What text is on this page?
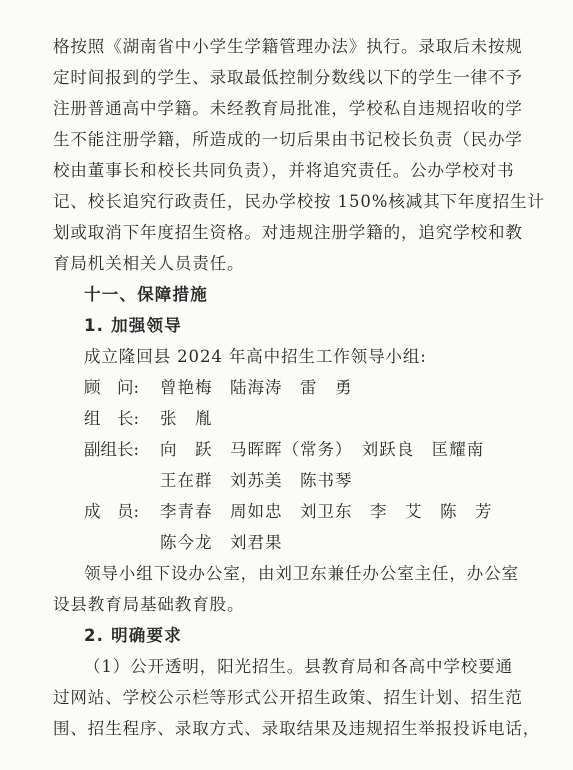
格按照《湖南省中小学生学籍管理办法》执行。录取后未按规
定时间报到的学生、录取最低控制分数线以下的学生一律不予
注册普通高中学籍。未经教育局批准，学校私自违规招收的学
生不能注册学籍，所造成的一切后果由书记校长负责（民办学
校由董事长和校长共同负责），并将追究责任。公办学校对书
记、校长追究行政责任，民办学校按 150%核减其下年度招生计
划或取消下年度招生资格。对违规注册学籍的，追究学校和教
育局机关相关人员责任。
十一、保障措施
1. 加强领导
成立隆回县 2024 年高中招生工作领导小组:
顾　问:	曾艳梅　陆海涛　雷　勇
组　长:	张　胤
副组长:	向　跃　马晖晖（常务）　刘跃良　匡耀南
王在群　刘苏美　陈书琴
成　员:	李青春　周如忠　刘卫东　李　艾　陈　芳
陈今龙　刘君果
领导小组下设办公室，由刘卫东兼任办公室主任，办公室
设县教育局基础教育股。
2. 明确要求
（1）公开透明，阳光招生。县教育局和各高中学校要通
过网站、学校公示栏等形式公开招生政策、招生计划、招生范
围、招生程序、录取方式、录取结果及违规招生举报投诉电话，
